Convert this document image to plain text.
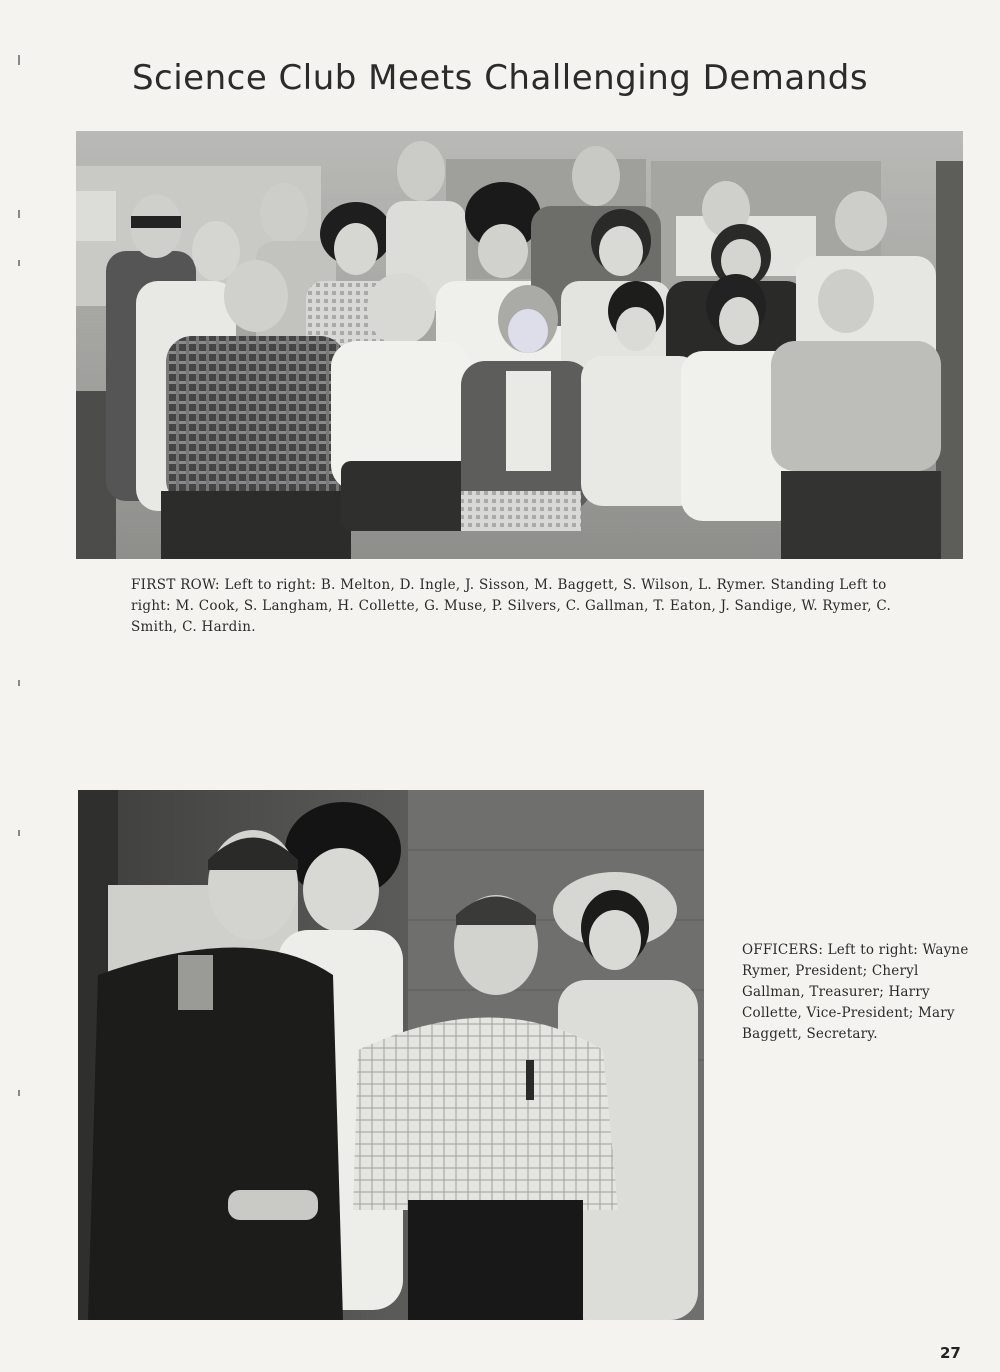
Science Club Meets Challenging Demands

FIRST ROW: Left to right: B. Melton, D. Ingle, J. Sisson, M. Baggett, S. Wilson, L. Rymer. Standing Left to right: M. Cook, S. Langham, H. Collette, G. Muse, P. Silvers, C. Gallman, T. Eaton, J. Sandige, W. Rymer, C. Smith, C. Hardin.

OFFICERS: Left to right: Wayne Rymer, President; Cheryl Gallman, Treasurer; Harry Collette, Vice-President; Mary Baggett, Secretary.

27
